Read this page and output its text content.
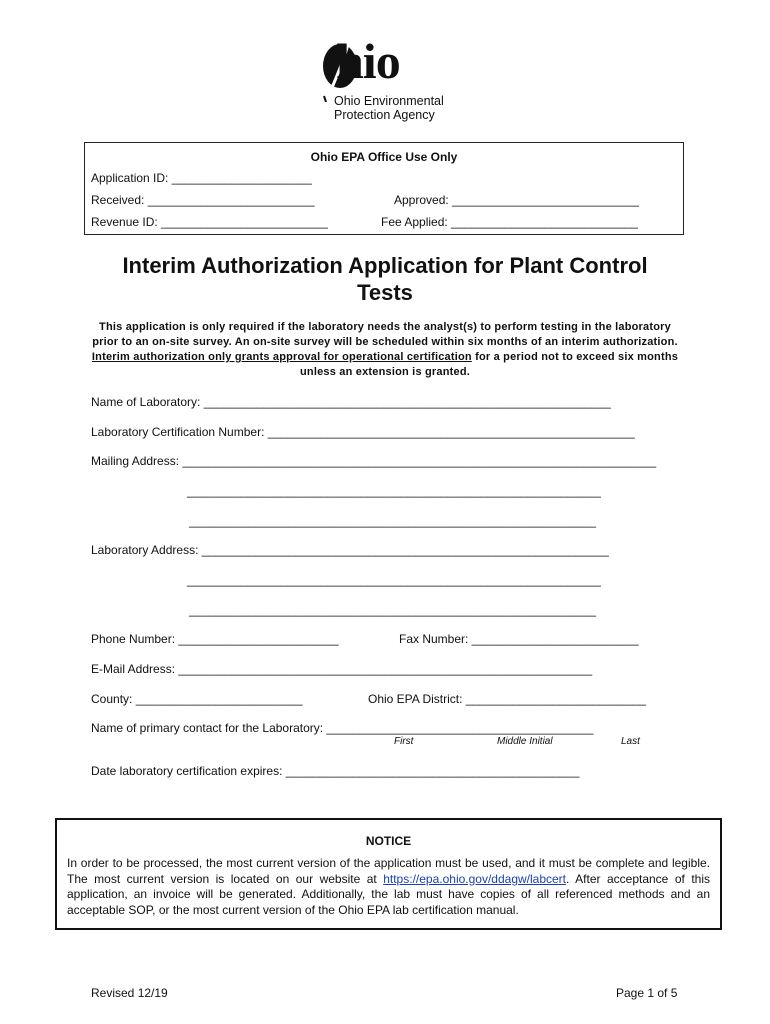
hio
Ohio Environmental
Protection Agency
Ohio EPA Office Use Only
Application ID: _____________________
Received: _________________________	Approved: ____________________________
Revenue ID: _________________________	Fee Applied: ____________________________
Interim Authorization Application for Plant Control
Tests
This application is only required if the laboratory needs the analyst(s) to perform testing in the laboratory prior to an on-site survey. An on-site survey will be scheduled within six months of an interim authorization. Interim authorization only grants approval for operational certification for a period not to exceed six months unless an extension is granted.
Name of Laboratory: _____________________________________________________________
Laboratory Certification Number: _______________________________________________________
Mailing Address: _______________________________________________________________________
______________________________________________________________
_____________________________________________________________
Laboratory Address: _____________________________________________________________
______________________________________________________________
_____________________________________________________________
Phone Number: ________________________	Fax Number: _________________________
E-Mail Address: ______________________________________________________________
County: _________________________	Ohio EPA District: ___________________________
Name of primary contact for the Laboratory: ________________________________________
First	Middle Initial	Last
Date laboratory certification expires: ____________________________________________
NOTICE
In order to be processed, the most current version of the application must be used, and it must be complete and legible. The most current version is located on our website at https://epa.ohio.gov/ddagw/labcert. After acceptance of this application, an invoice will be generated. Additionally, the lab must have copies of all referenced methods and an acceptable SOP, or the most current version of the Ohio EPA lab certification manual.
Revised 12/19	Page 1 of 5
